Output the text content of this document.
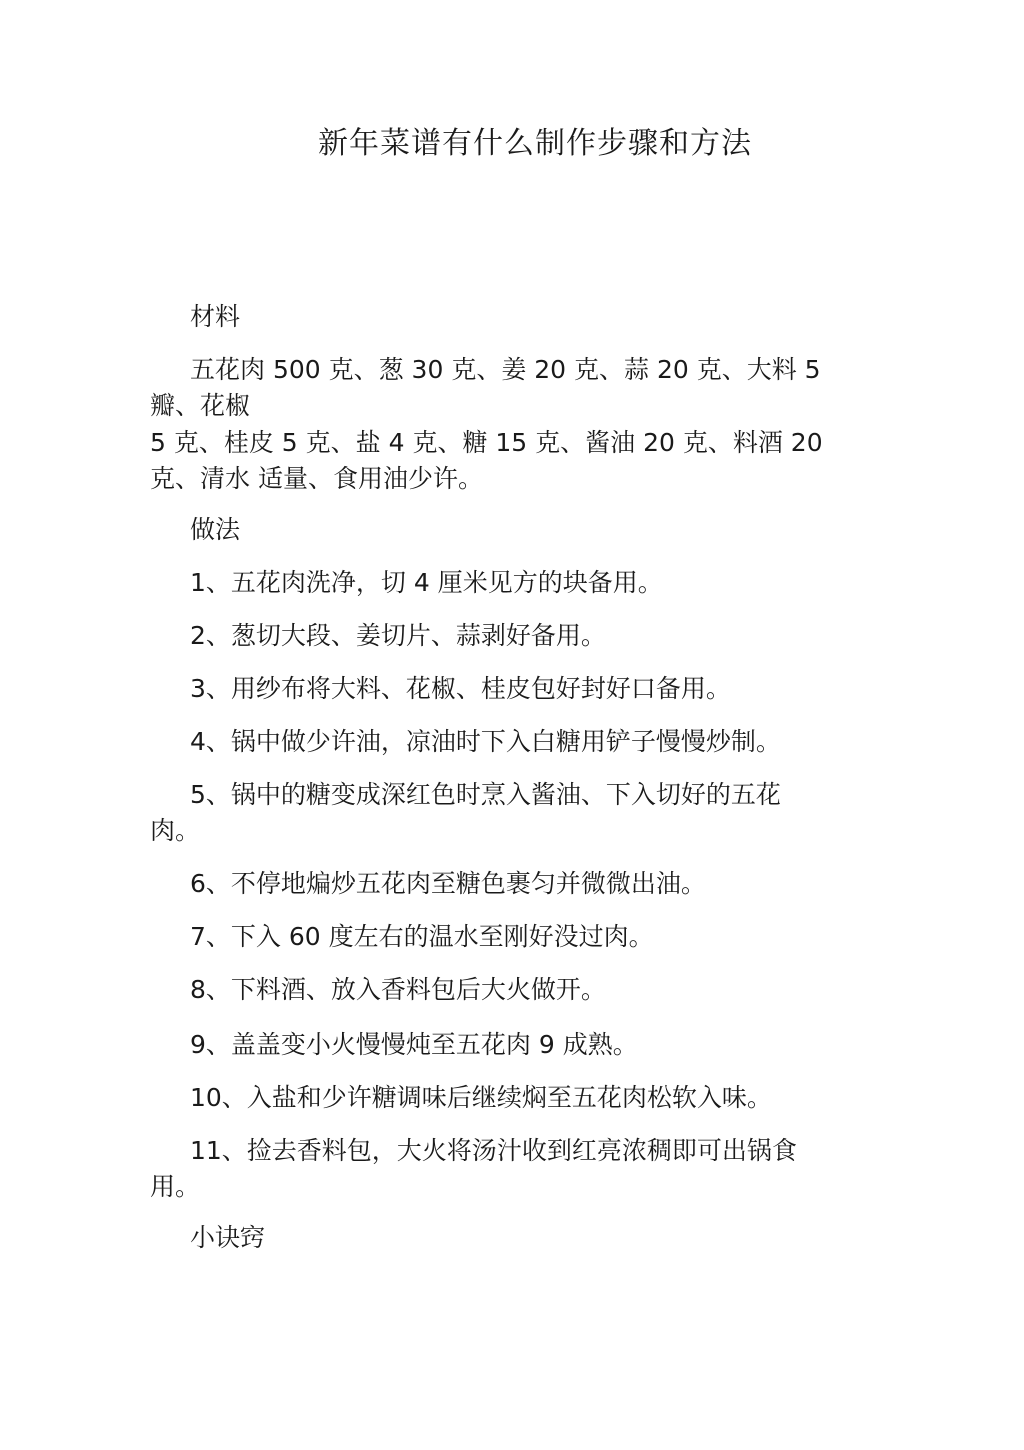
新年菜谱有什么制作步骤和方法
材料
五花肉 500 克、葱 30 克、姜 20 克、蒜 20 克、大料 5
瓣、花椒
5 克、桂皮 5 克、盐 4 克、糖 15 克、酱油 20 克、料酒 20
克、清水 适量、食用油少许。
做法
1、五花肉洗净，切 4 厘米见方的块备用。
2、葱切大段、姜切片、蒜剥好备用。
3、用纱布将大料、花椒、桂皮包好封好口备用。
4、锅中做少许油，凉油时下入白糖用铲子慢慢炒制。
5、锅中的糖变成深红色时烹入酱油、下入切好的五花
肉。
6、不停地煸炒五花肉至糖色裹匀并微微出油。
7、下入 60 度左右的温水至刚好没过肉。
8、下料酒、放入香料包后大火做开。
9、盖盖变小火慢慢炖至五花肉 9 成熟。
10、入盐和少许糖调味后继续焖至五花肉松软入味。
11、捡去香料包，大火将汤汁收到红亮浓稠即可出锅食
用。
小诀窍
